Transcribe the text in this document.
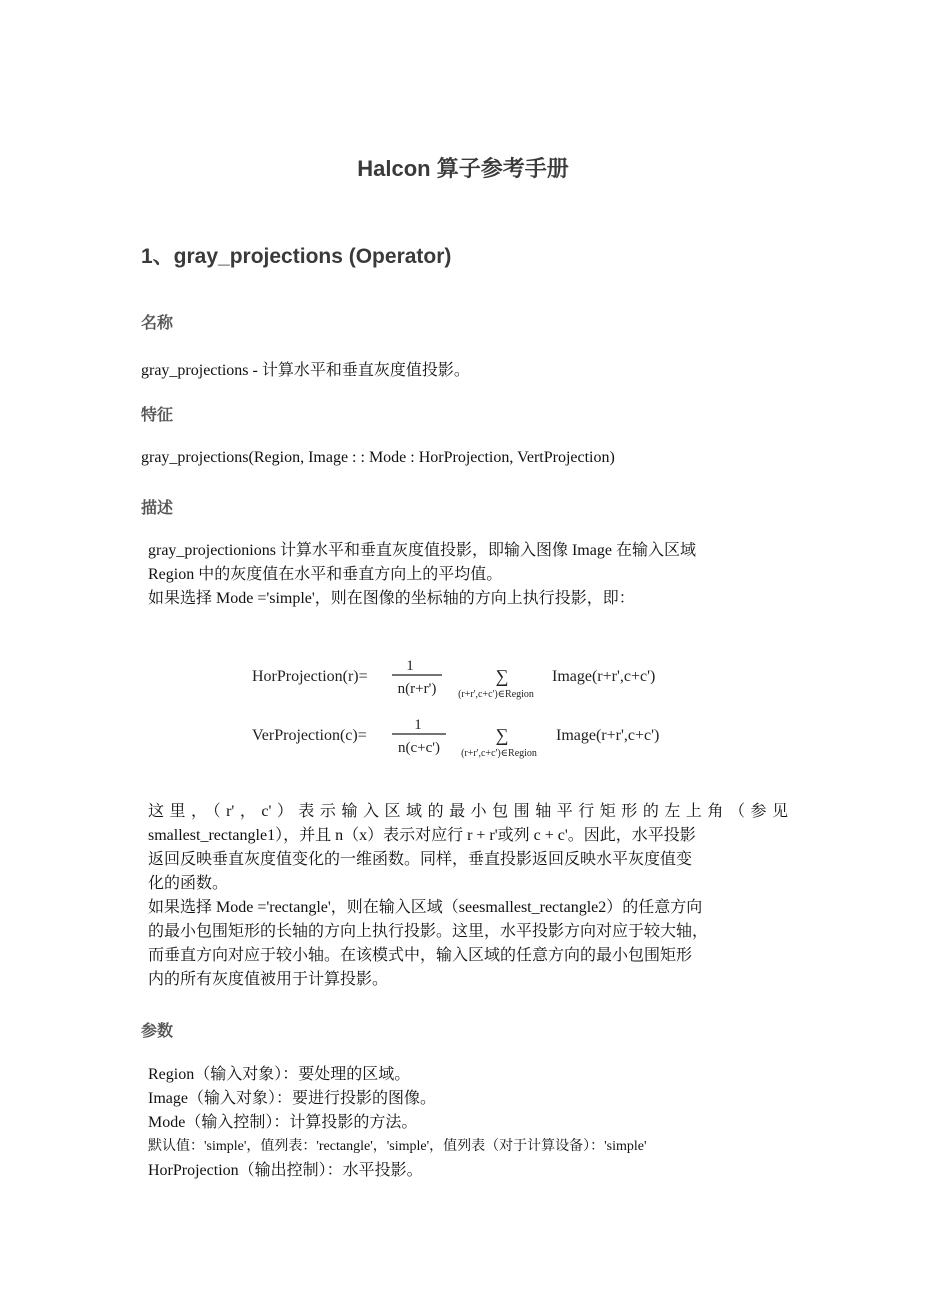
Halcon 算子参考手册
1、gray_projections (Operator)
名称
gray_projections - 计算水平和垂直灰度值投影。
特征
gray_projections(Region, Image : : Mode : HorProjection, VertProjection)
描述
gray_projectionions 计算水平和垂直灰度值投影，即输入图像 Image 在输入区域
Region 中的灰度值在水平和垂直方向上的平均值。
如果选择 Mode ='simple'，则在图像的坐标轴的方向上执行投影，即：
HorProjection(r)=
1
n(r+r')
∑
(r+r',c+c')∈Region
Image(r+r',c+c')
VerProjection(c)=
1
n(c+c')
∑
(r+r',c+c')∈Region
Image(r+r',c+c')
这里，（r'，c'）表示输入区域的最小包围轴平行矩形的左上角（参见
smallest_rectangle1），并且 n（x）表示对应行 r + r'或列 c + c'。因此，水平投影
返回反映垂直灰度值变化的一维函数。同样，垂直投影返回反映水平灰度值变
化的函数。
如果选择 Mode ='rectangle'，则在输入区域（seesmallest_rectangle2）的任意方向
的最小包围矩形的长轴的方向上执行投影。这里，水平投影方向对应于较大轴，
而垂直方向对应于较小轴。在该模式中，输入区域的任意方向的最小包围矩形
内的所有灰度值被用于计算投影。
参数
Region（输入对象）：要处理的区域。
Image（输入对象）：要进行投影的图像。
Mode（输入控制）：计算投影的方法。
默认值：'simple'，值列表：'rectangle'，'simple'，值列表（对于计算设备）：'simple'
HorProjection（输出控制）：水平投影。
